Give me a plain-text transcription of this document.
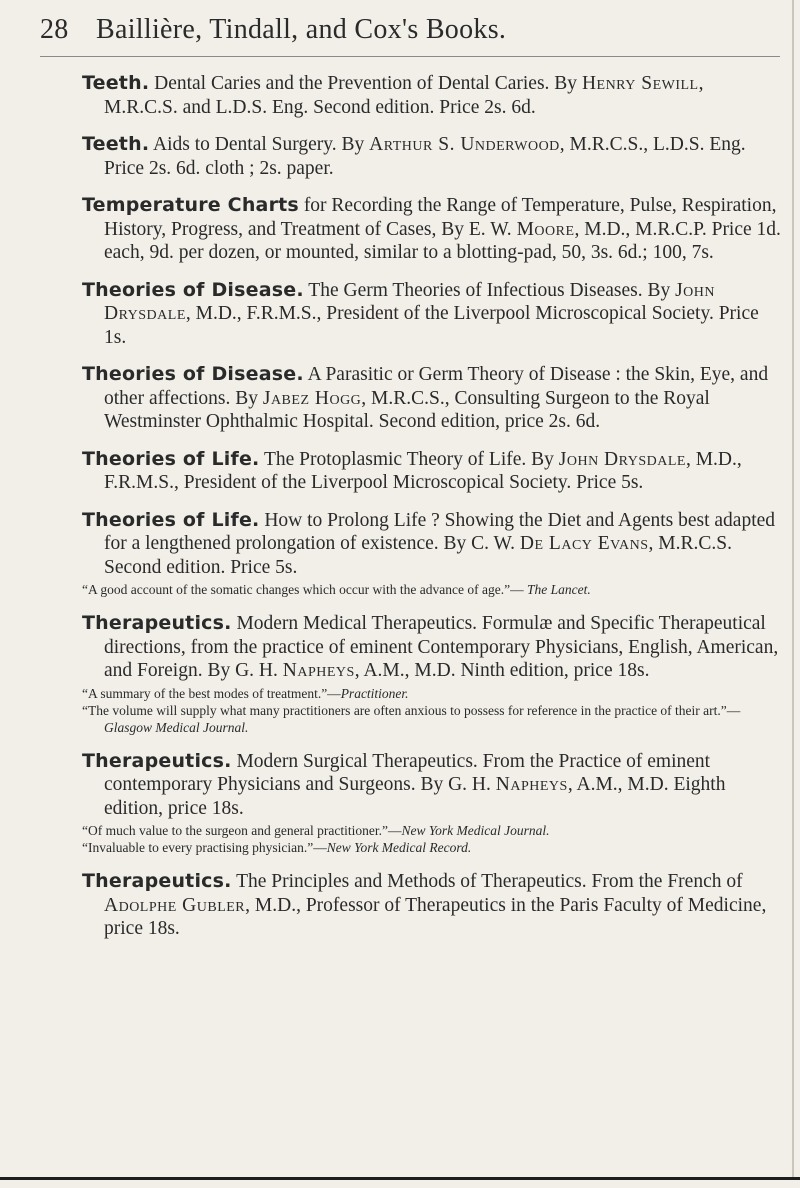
28 Baillière, Tindall, and Cox's Books.

Teeth. Dental Caries and the Prevention of Dental Caries. By Henry Sewill, M.R.C.S. and L.D.S. Eng. Second edition. Price 2s. 6d.

Teeth. Aids to Dental Surgery. By Arthur S. Underwood, M.R.C.S., L.D.S. Eng. Price 2s. 6d. cloth ; 2s. paper.

Temperature Charts for Recording the Range of Temperature, Pulse, Respiration, History, Progress, and Treatment of Cases, By E. W. Moore, M.D., M.R.C.P. Price 1d. each, 9d. per dozen, or mounted, similar to a blotting-pad, 50, 3s. 6d.; 100, 7s.

Theories of Disease. The Germ Theories of Infectious Diseases. By John Drysdale, M.D., F.R.M.S., President of the Liverpool Microscopical Society. Price 1s.

Theories of Disease. A Parasitic or Germ Theory of Disease : the Skin, Eye, and other affections. By Jabez Hogg, M.R.C.S., Consulting Surgeon to the Royal Westminster Ophthalmic Hospital. Second edition, price 2s. 6d.

Theories of Life. The Protoplasmic Theory of Life. By John Drysdale, M.D., F.R.M.S., President of the Liverpool Microscopical Society. Price 5s.

Theories of Life. How to Prolong Life ? Showing the Diet and Agents best adapted for a lengthened prolongation of existence. By C. W. De Lacy Evans, M.R.C.S. Second edition. Price 5s.

“A good account of the somatic changes which occur with the advance of age.”— The Lancet.

Therapeutics. Modern Medical Therapeutics. Formulæ and Specific Therapeutical directions, from the practice of eminent Contemporary Physicians, English, American, and Foreign. By G. H. Napheys, A.M., M.D. Ninth edition, price 18s.

“A summary of the best modes of treatment.”—Practitioner.

“The volume will supply what many practitioners are often anxious to possess for reference in the practice of their art.”—Glasgow Medical Journal.

Therapeutics. Modern Surgical Therapeutics. From the Practice of eminent contemporary Physicians and Surgeons. By G. H. Napheys, A.M., M.D. Eighth edition, price 18s.

“Of much value to the surgeon and general practitioner.”—New York Medical Journal.

“Invaluable to every practising physician.”—New York Medical Record.

Therapeutics. The Principles and Methods of Therapeutics. From the French of Adolphe Gubler, M.D., Professor of Therapeutics in the Paris Faculty of Medicine, price 18s.
